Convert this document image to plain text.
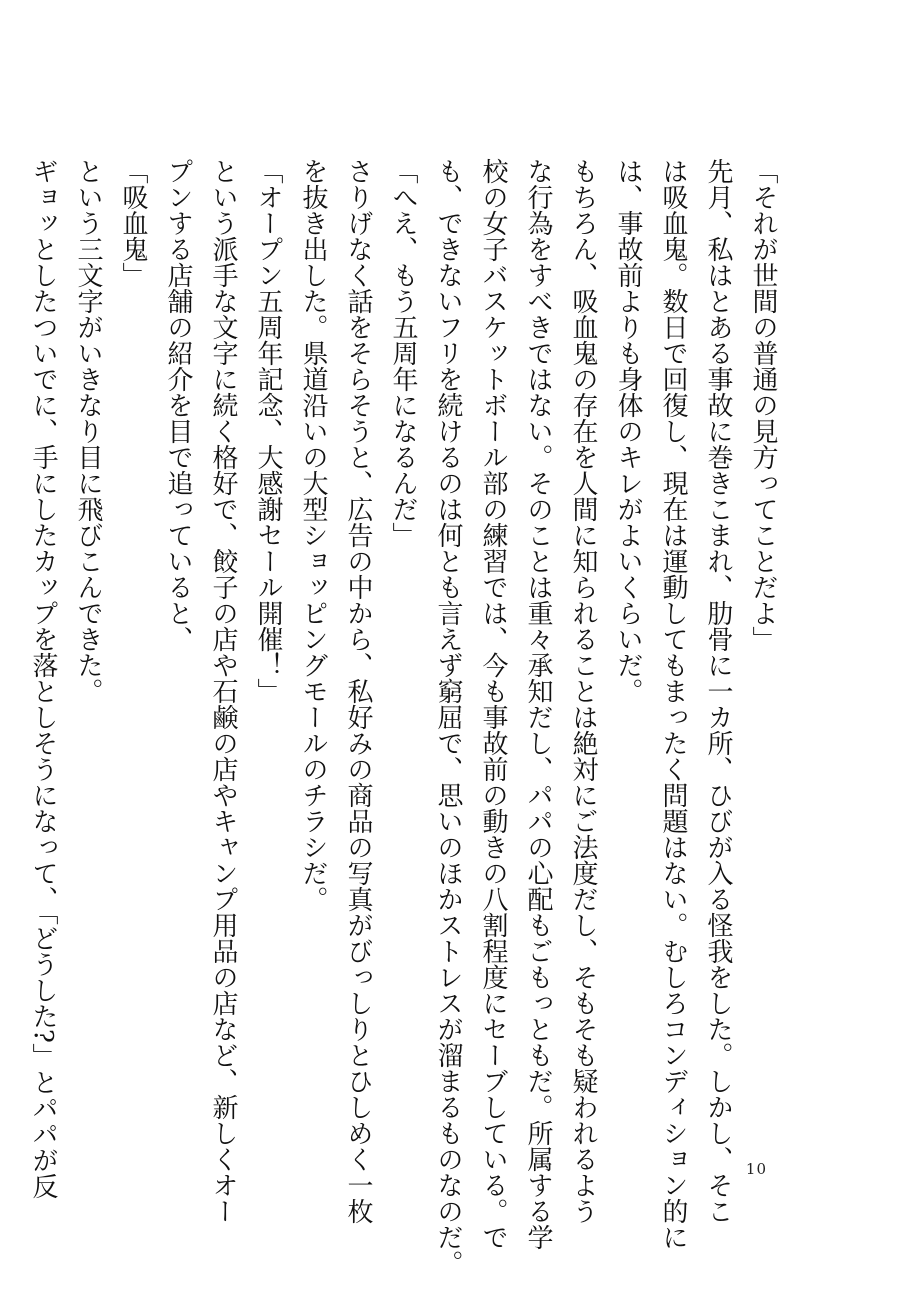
「それが世間の普通の見方ってことだよ」
先月、私はとある事故に巻きこまれ、肋骨に一カ所、ひびが入る怪我をした。しかし、そこ
は吸血鬼。数日で回復し、現在は運動してもまったく問題はない。むしろコンディション的に
は、事故前よりも身体のキレがよいくらいだ。
もちろん、吸血鬼の存在を人間に知られることは絶対にご法度だし、そもそも疑われるよう
な行為をすべきではない。そのことは重々承知だし、パパの心配もごもっともだ。所属する学
校の女子バスケットボール部の練習では、今も事故前の動きの八割程度にセーブしている。で
も、できないフリを続けるのは何とも言えず窮屈で、思いのほかストレスが溜まるものなのだ。
「へえ、もう五周年になるんだ」
さりげなく話をそらそうと、広告の中から、私好みの商品の写真がびっしりとひしめく一枚
を抜き出した。県道沿いの大型ショッピングモールのチラシだ。
「オープン五周年記念、大感謝セール開催！」
という派手な文字に続く格好で、餃子の店や石鹸の店やキャンプ用品の店など、新しくオー
プンする店舗の紹介を目で追っていると、
「吸血鬼」
という三文字がいきなり目に飛びこんできた。
ギョッとしたついでに、手にしたカップを落としそうになって、「どうした?」とパパが反	10
